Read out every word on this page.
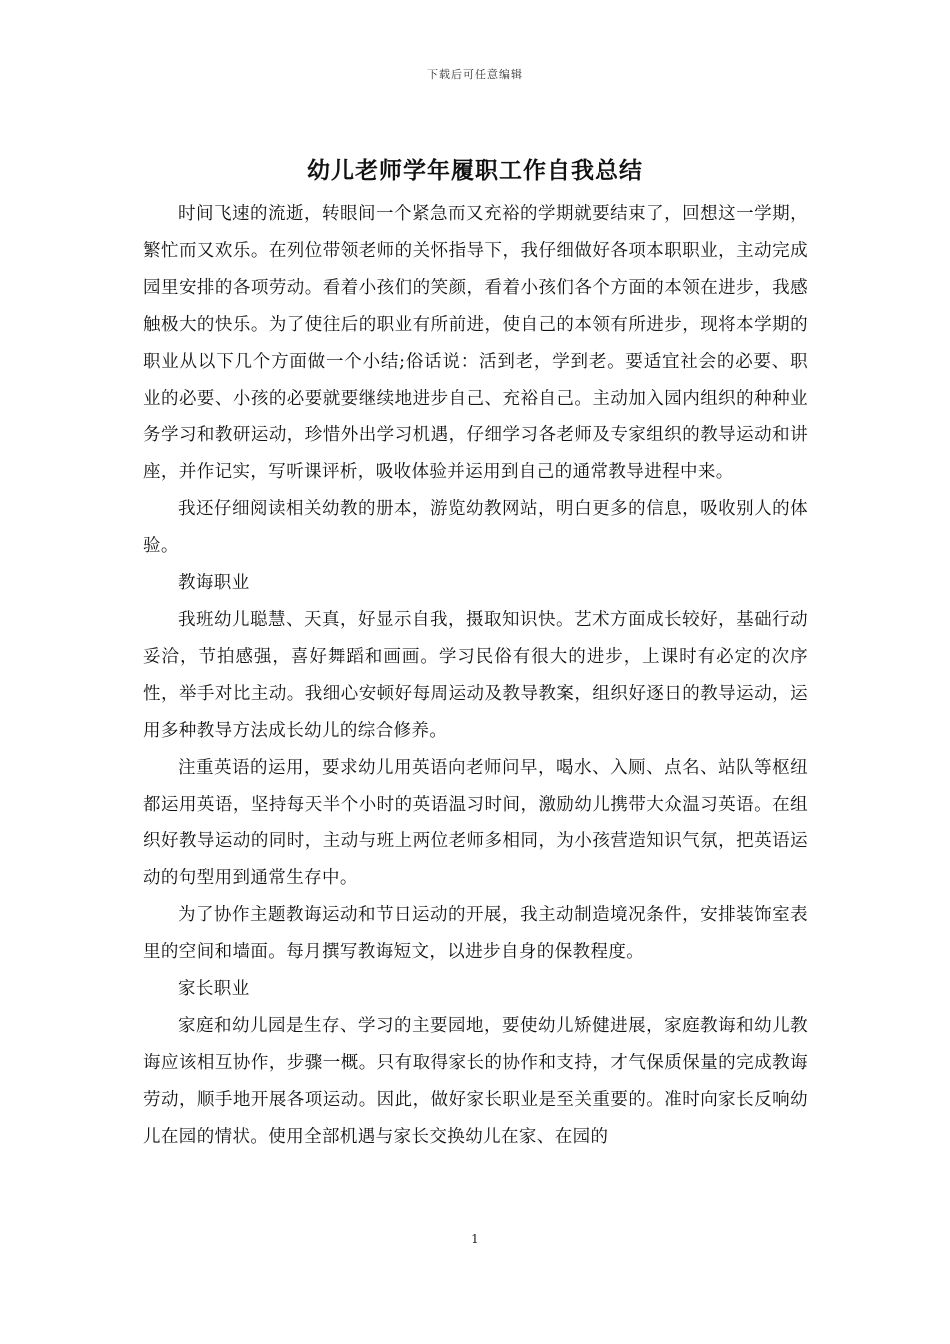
下载后可任意编辑
幼儿老师学年履职工作自我总结

时间飞速的流逝，转眼间一个紧急而又充裕的学期就要结束了，回想这一学期，繁忙而又欢乐。在列位带领老师的关怀指导下，我仔细做好各项本职职业，主动完成园里安排的各项劳动。看着小孩们的笑颜，看着小孩们各个方面的本领在进步，我感触极大的快乐。为了使往后的职业有所前进，使自己的本领有所进步，现将本学期的职业从以下几个方面做一个小结;俗话说：活到老，学到老。要适宜社会的必要、职业的必要、小孩的必要就要继续地进步自己、充裕自己。主动加入园内组织的种种业务学习和教研运动，珍惜外出学习机遇，仔细学习各老师及专家组织的教导运动和讲座，并作记实，写听课评析，吸收体验并运用到自己的通常教导进程中来。

我还仔细阅读相关幼教的册本，游览幼教网站，明白更多的信息，吸收别人的体验。

教诲职业

我班幼儿聪慧、天真，好显示自我，摄取知识快。艺术方面成长较好，基础行动妥洽，节拍感强，喜好舞蹈和画画。学习民俗有很大的进步，上课时有必定的次序性，举手对比主动。我细心安顿好每周运动及教导教案，组织好逐日的教导运动，运用多种教导方法成长幼儿的综合修养。

注重英语的运用，要求幼儿用英语向老师问早，喝水、入厕、点名、站队等枢纽都运用英语，坚持每天半个小时的英语温习时间，激励幼儿携带大众温习英语。在组织好教导运动的同时，主动与班上两位老师多相同，为小孩营造知识气氛，把英语运动的句型用到通常生存中。

为了协作主题教诲运动和节日运动的开展，我主动制造境况条件，安排装饰室表里的空间和墙面。每月撰写教诲短文，以进步自身的保教程度。

家长职业

家庭和幼儿园是生存、学习的主要园地，要使幼儿矫健进展，家庭教诲和幼儿教诲应该相互协作，步骤一概。只有取得家长的协作和支持，才气保质保量的完成教诲劳动，顺手地开展各项运动。因此，做好家长职业是至关重要的。准时向家长反响幼儿在园的情状。使用全部机遇与家长交换幼儿在家、在园的

1
